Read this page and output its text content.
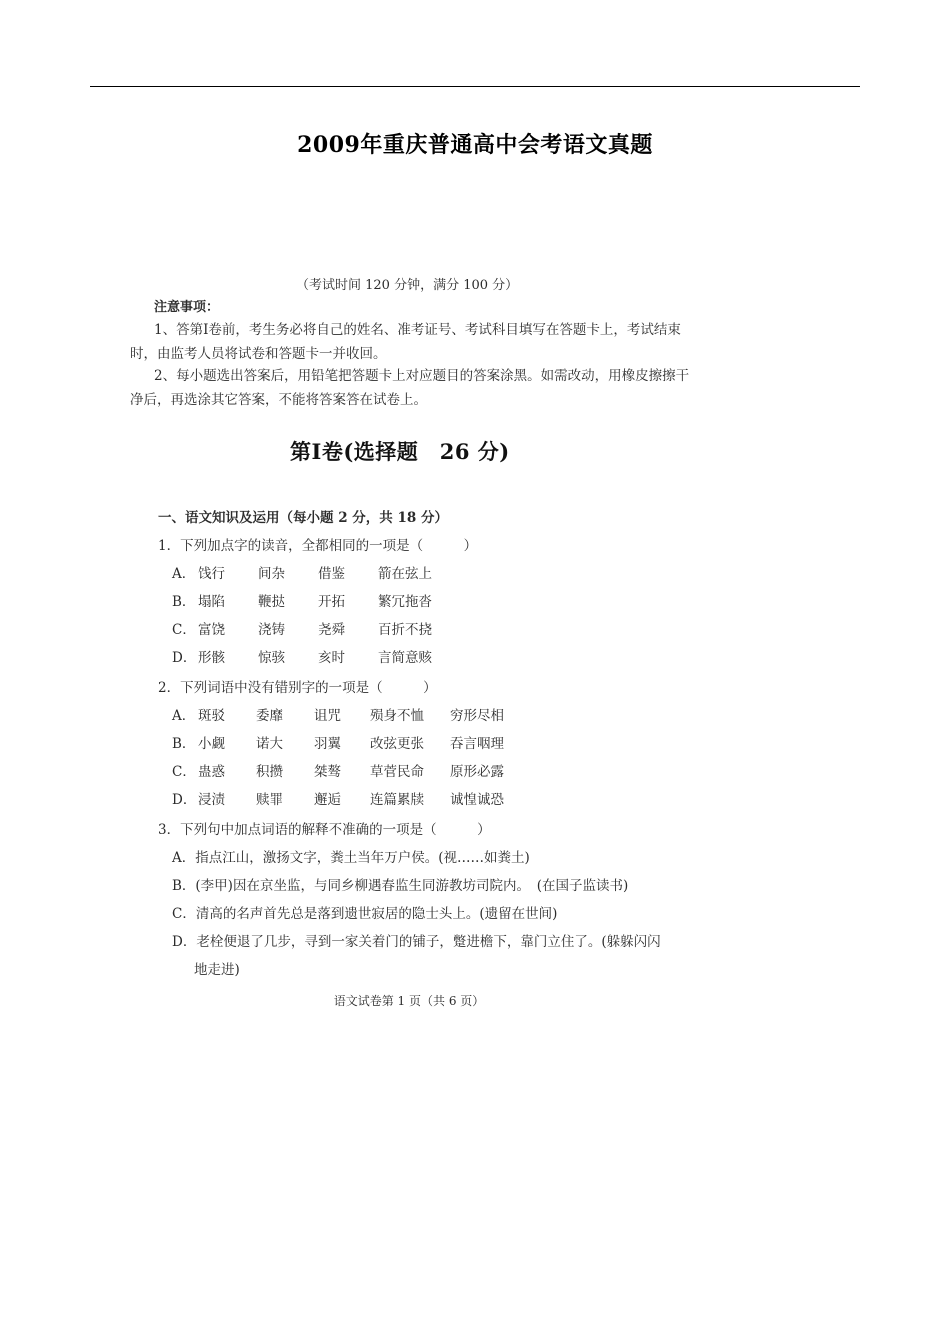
2009年重庆普通高中会考语文真题
（考试时间 120 分钟，满分 100 分）
注意事项：
1、答第Ⅰ卷前，考生务必将自己的姓名、准考证号、考试科目填写在答题卡上，考试结束时，由监考人员将试卷和答题卡一并收回。
2、每小题选出答案后，用铅笔把答题卡上对应题目的答案涂黑。如需改动，用橡皮擦擦干净后，再选涂其它答案，不能将答案答在试卷上。
第Ⅰ卷(选择题　26 分)
一、语文知识及运用（每小题 2 分，共 18 分）
1．下列加点字的读音，全都相同的一项是（　　　）
A． 饯行 间杂 借鉴 箭在弦上
B． 塌陷 鞭挞 开拓 繁冗拖沓
C． 富饶 浇铸 尧舜 百折不挠
D． 形骸 惊骇 亥时 言简意赅
2．下列词语中没有错别字的一项是（　　　）
A． 斑驳 委靡 诅咒 殒身不恤 穷形尽相
B． 小觑 诺大 羽翼 改弦更张 吞言咽理
C． 蛊惑 积攒 桀骜 草菅民命 原形必露
D． 浸渍 赎罪 邂逅 连篇累牍 诚惶诚恐
3．下列句中加点词语的解释不准确的一项是（　　　）
A．指点江山，激扬文字，粪土当年万户侯。(视……如粪土)
B．(李甲)因在京坐监，与同乡柳遇春监生同游教坊司院内。　(在国子监读书)
C．清高的名声首先总是落到遗世寂居的隐士头上。(遗留在世间)
D．老栓便退了几步，寻到一家关着门的铺子，蹩进檐下，靠门立住了。(躲躲闪闪
地走进)
语文试卷第 1 页（共 6 页）
